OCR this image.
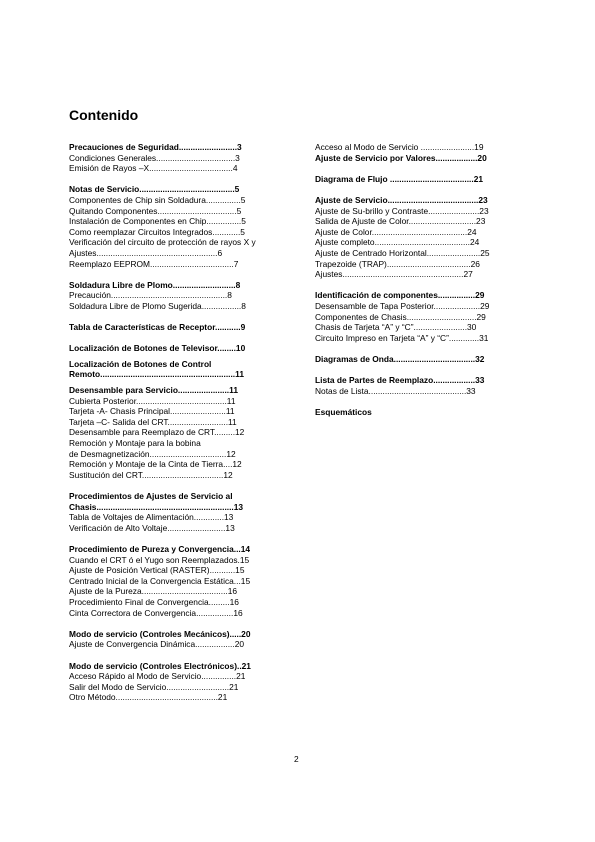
Contenido
Precauciones de Seguridad.........................3
Condiciones Generales..................................3
Emisión de Rayos –X....................................4
Notas de Servicio.........................................5
Componentes de Chip sin Soldadura...............5
Quitando Componentes..................................5
Instalación de Componentes en Chip...............5
Como reemplazar Circuitos Integrados............5
Verificación del circuito de protección de rayos X y Ajustes....................................................6
Reemplazo EEPROM....................................7
Soldadura Libre de Plomo...........................8
Precaución..................................................8
Soldadura Libre de Plomo Sugerida.................8
Tabla de Características de Receptor...........9
Localización de Botones de Televisor........10
Localización de Botones de Control Remoto..........................................................11
Desensamble para Servicio......................11
Cubierta Posterior.......................................11
Tarjeta -A- Chasis Principal........................11
Tarjeta –C- Salida del CRT..........................11
Desensamble para Reemplazo de CRT.........12
Remoción y Montaje para la bobina
de Desmagnetización.................................12
Remoción y Montaje de la Cinta de Tierra....12
Sustitución del CRT...................................12
Procedimientos de Ajustes de Servicio al Chasis...........................................................13
Tabla de Voltajes de Alimentación.............13
Verificación de Alto Voltaje.........................13
Procedimiento de Pureza y Convergencia...14
Cuando el CRT ó el Yugo son Reemplazados.15
Ajuste de Posición Vertical (RASTER)...........15
Centrado Inicial de la Convergencia Estática...15
Ajuste de la Pureza.....................................16
Procedimiento Final de Convergencia.........16
Cinta Correctora de Convergencia................16
Modo de servicio (Controles Mecánicos).....20
Ajuste de Convergencia Dinámica.................20
Modo de servicio (Controles Electrónicos)..21
Acceso Rápido al Modo de Servicio...............21
Salir del Modo de Servicio...........................21
Otro Método............................................21
Acceso al Modo de Servicio .......................19
Ajuste de Servicio por Valores..................20
Diagrama de Flujo ....................................21
Ajuste de Servicio.......................................23
Ajuste de Su-brillo y Contraste......................23
Salida de Ajuste de Color.............................23
Ajuste de Color.........................................24
Ajuste completo.........................................24
Ajuste de Centrado Horizontal.......................25
Trapezoide (TRAP)....................................26
Ajustes....................................................27
Identificación de componentes................29
Desensamble de Tapa Posterior....................29
Componentes de Chasis..............................29
Chasis de Tarjeta “A” y “C”.......................30
Circuito Impreso en Tarjeta “A” y “C”.............31
Diagramas de Onda...................................32
Lista de Partes de Reemplazo..................33
Notas de Lista..........................................33
Esquemáticos
2
